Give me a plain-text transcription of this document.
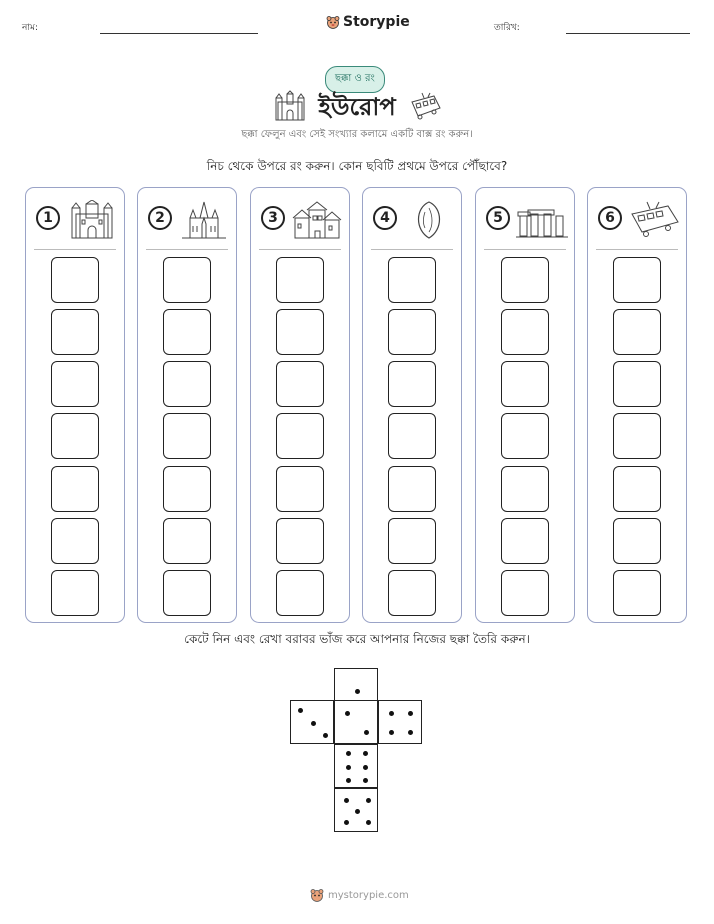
নাম:	Storypie	তারিখ:
ছক্কা ও রং
ইউরোপ
ছক্কা ফেলুন এবং সেই সংখ্যার কলামে একটি বাক্স রং করুন।
নিচ থেকে উপরে রং করুন। কোন ছবিটি প্রথমে উপরে পৌঁছাবে?
1	2	3	4	5	6
কেটে নিন এবং রেখা বরাবর ভাঁজ করে আপনার নিজের ছক্কা তৈরি করুন।
mystorypie.com
